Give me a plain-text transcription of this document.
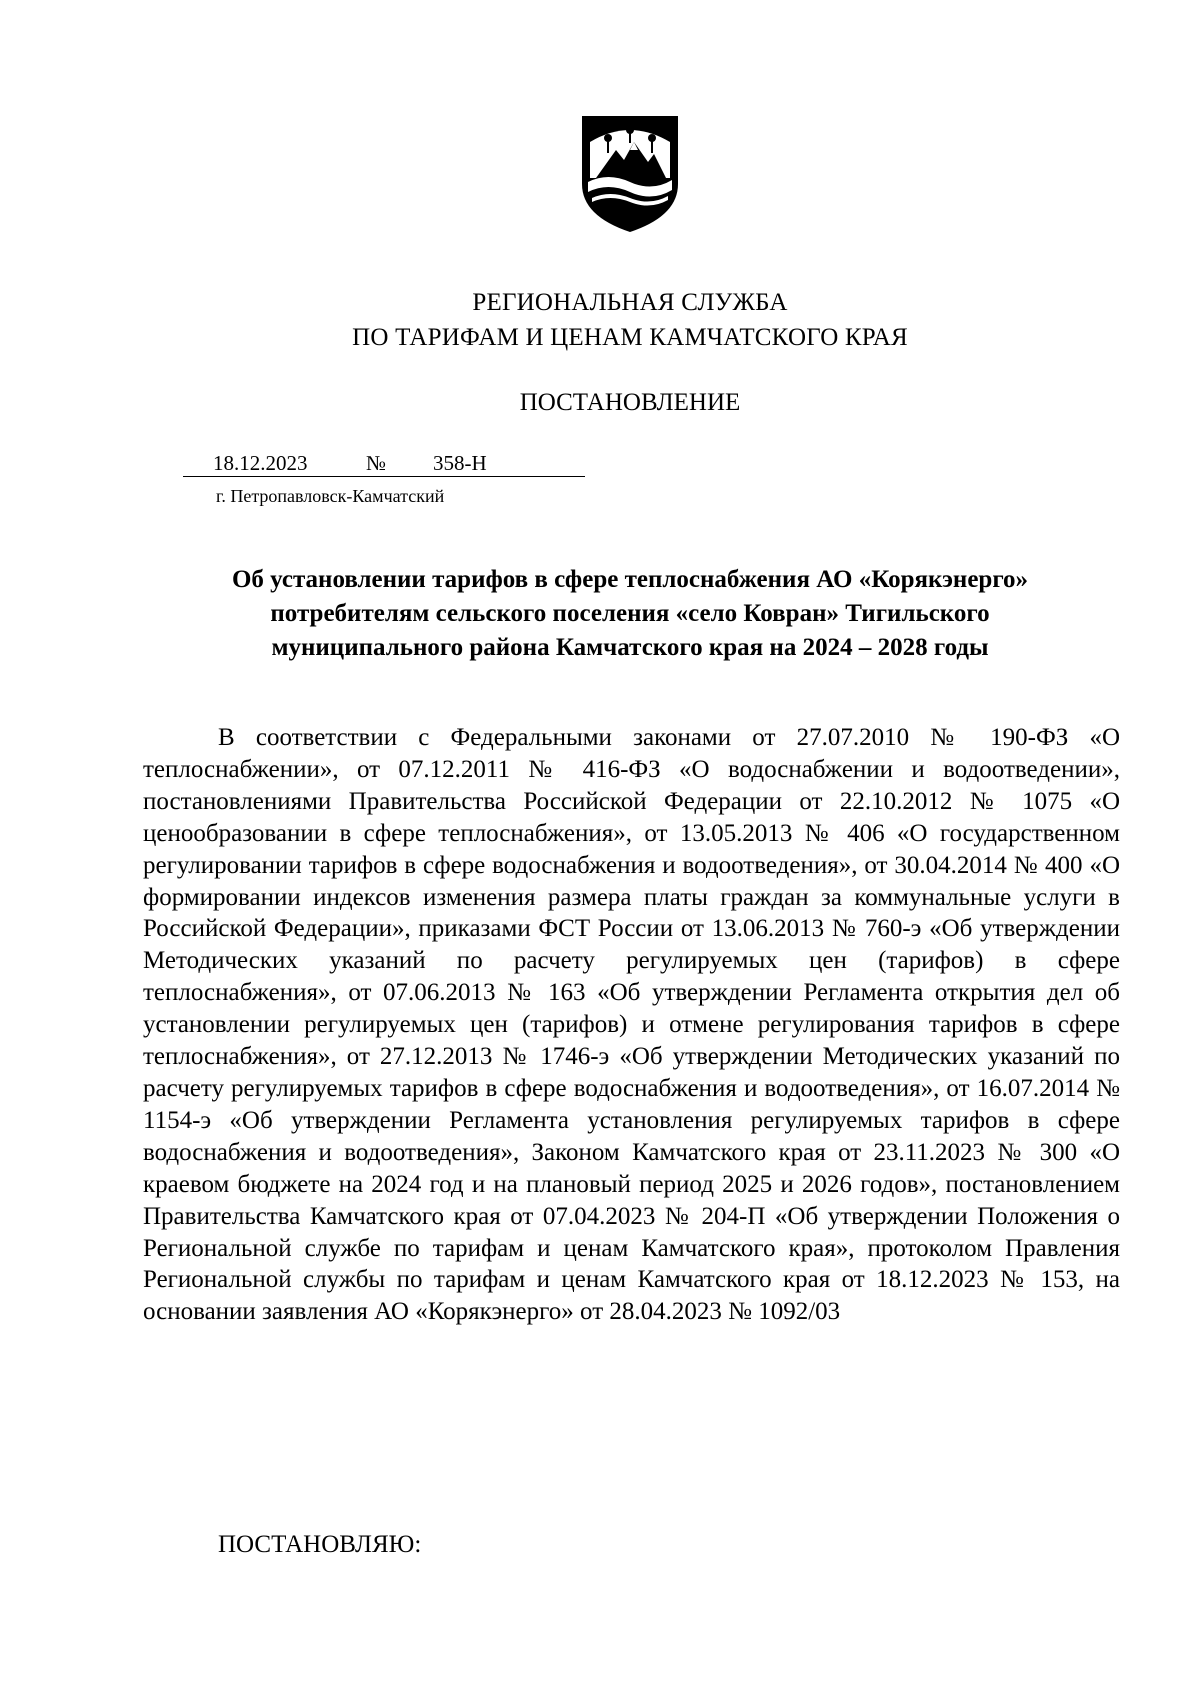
РЕГИОНАЛЬНАЯ СЛУЖБА
ПО ТАРИФАМ И ЦЕНАМ КАМЧАТСКОГО КРАЯ
ПОСТАНОВЛЕНИЕ
18.12.2023	№ 358-Н
г. Петропавловск-Камчатский
Об установлении тарифов в сфере теплоснабжения АО «Корякэнерго»
потребителям сельского поселения «село Ковран» Тигильского
муниципального района Камчатского края на 2024 – 2028 годы

В соответствии с Федеральными законами от 27.07.2010 № 190-ФЗ «О теплоснабжении», от 07.12.2011 № 416-ФЗ «О водоснабжении и водоотведении», постановлениями Правительства Российской Федерации от 22.10.2012 № 1075 «О ценообразовании в сфере теплоснабжения», от 13.05.2013 № 406 «О государственном регулировании тарифов в сфере водоснабжения и водоотведения», от 30.04.2014 № 400 «О формировании индексов изменения размера платы граждан за коммунальные услуги в Российской Федерации», приказами ФСТ России от 13.06.2013 № 760-э «Об утверждении Методических указаний по расчету регулируемых цен (тарифов) в сфере теплоснабжения», от 07.06.2013 № 163 «Об утверждении Регламента открытия дел об установлении регулируемых цен (тарифов) и отмене регулирования тарифов в сфере теплоснабжения», от 27.12.2013 № 1746-э «Об утверждении Методических указаний по расчету регулируемых тарифов в сфере водоснабжения и водоотведения», от 16.07.2014 № 1154-э «Об утверждении Регламента установления регулируемых тарифов в сфере водоснабжения и водоотведения», Законом Камчатского края от 23.11.2023 № 300 «О краевом бюджете на 2024 год и на плановый период 2025 и 2026 годов», постановлением Правительства Камчатского края от 07.04.2023 № 204-П «Об утверждении Положения о Региональной службе по тарифам и ценам Камчатского края», протоколом Правления Региональной службы по тарифам и ценам Камчатского края от 18.12.2023 № 153, на основании заявления АО «Корякэнерго» от 28.04.2023 № 1092/03

ПОСТАНОВЛЯЮ:
